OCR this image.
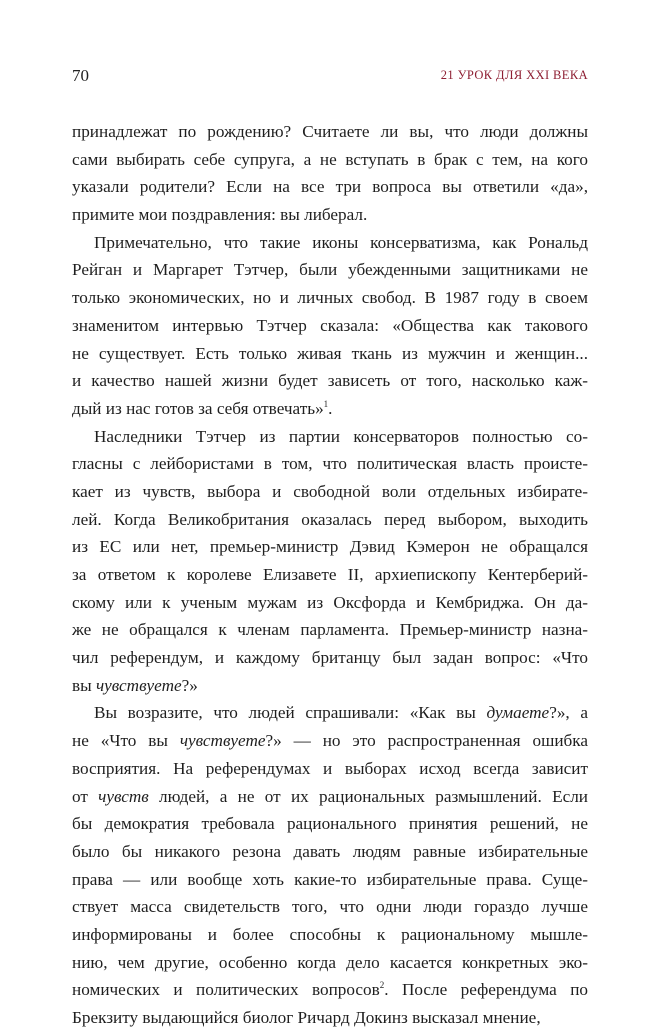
70	21 УРОК ДЛЯ XXI ВЕКА
принадлежат по рождению? Считаете ли вы, что люди должны
сами выбирать себе супруга, а не вступать в брак с тем, на кого
указали родители? Если на все три вопроса вы ответили «да»,
примите мои поздравления: вы либерал.
Примечательно, что такие иконы консерватизма, как Рональд
Рейган и Маргарет Тэтчер, были убежденными защитниками не
только экономических, но и личных свобод. В 1987 году в своем
знаменитом интервью Тэтчер сказала: «Общества как такового
не существует. Есть только живая ткань из мужчин и женщин...
и качество нашей жизни будет зависеть от того, насколько каж-
дый из нас готов за себя отвечать»$^1$.
Наследники Тэтчер из партии консерваторов полностью со-
гласны с лейбористами в том, что политическая власть проистe-
кает из чувств, выбора и свободной воли отдельных избирате-
лей. Когда Великобритания оказалась перед выбором, выходить
из ЕС или нет, премьер-министр Дэвид Кэмерон не обращался
за ответом к королеве Елизавете II, архиепископу Кентерберий-
скому или к ученым мужам из Оксфорда и Кембриджа. Он да-
же не обращался к членам парламента. Премьер-министр назна-
чил референдум, и каждому британцу был задан вопрос: «Что
вы чувствуете?»
Вы возразите, что людей спрашивали: «Как вы думаете?», а
не «Что вы чувствуете?» — но это распространенная ошибка
восприятия. На референдумах и выборах исход всегда зависит
от чувств людей, а не от их рациональных размышлений. Если
бы демократия требовала рационального принятия решений, не
было бы никакого резона давать людям равные избирательные
права — или вообще хоть какие-то избирательные права. Суще-
ствует масса свидетельств того, что одни люди гораздо лучше
информированы и более способны к рациональному мышле-
нию, чем другие, особенно когда дело касается конкретных эко-
номических и политических вопросов$^2$. После референдума по
Брекзиту выдающийся биолог Ричард Докинз высказал мнение,
